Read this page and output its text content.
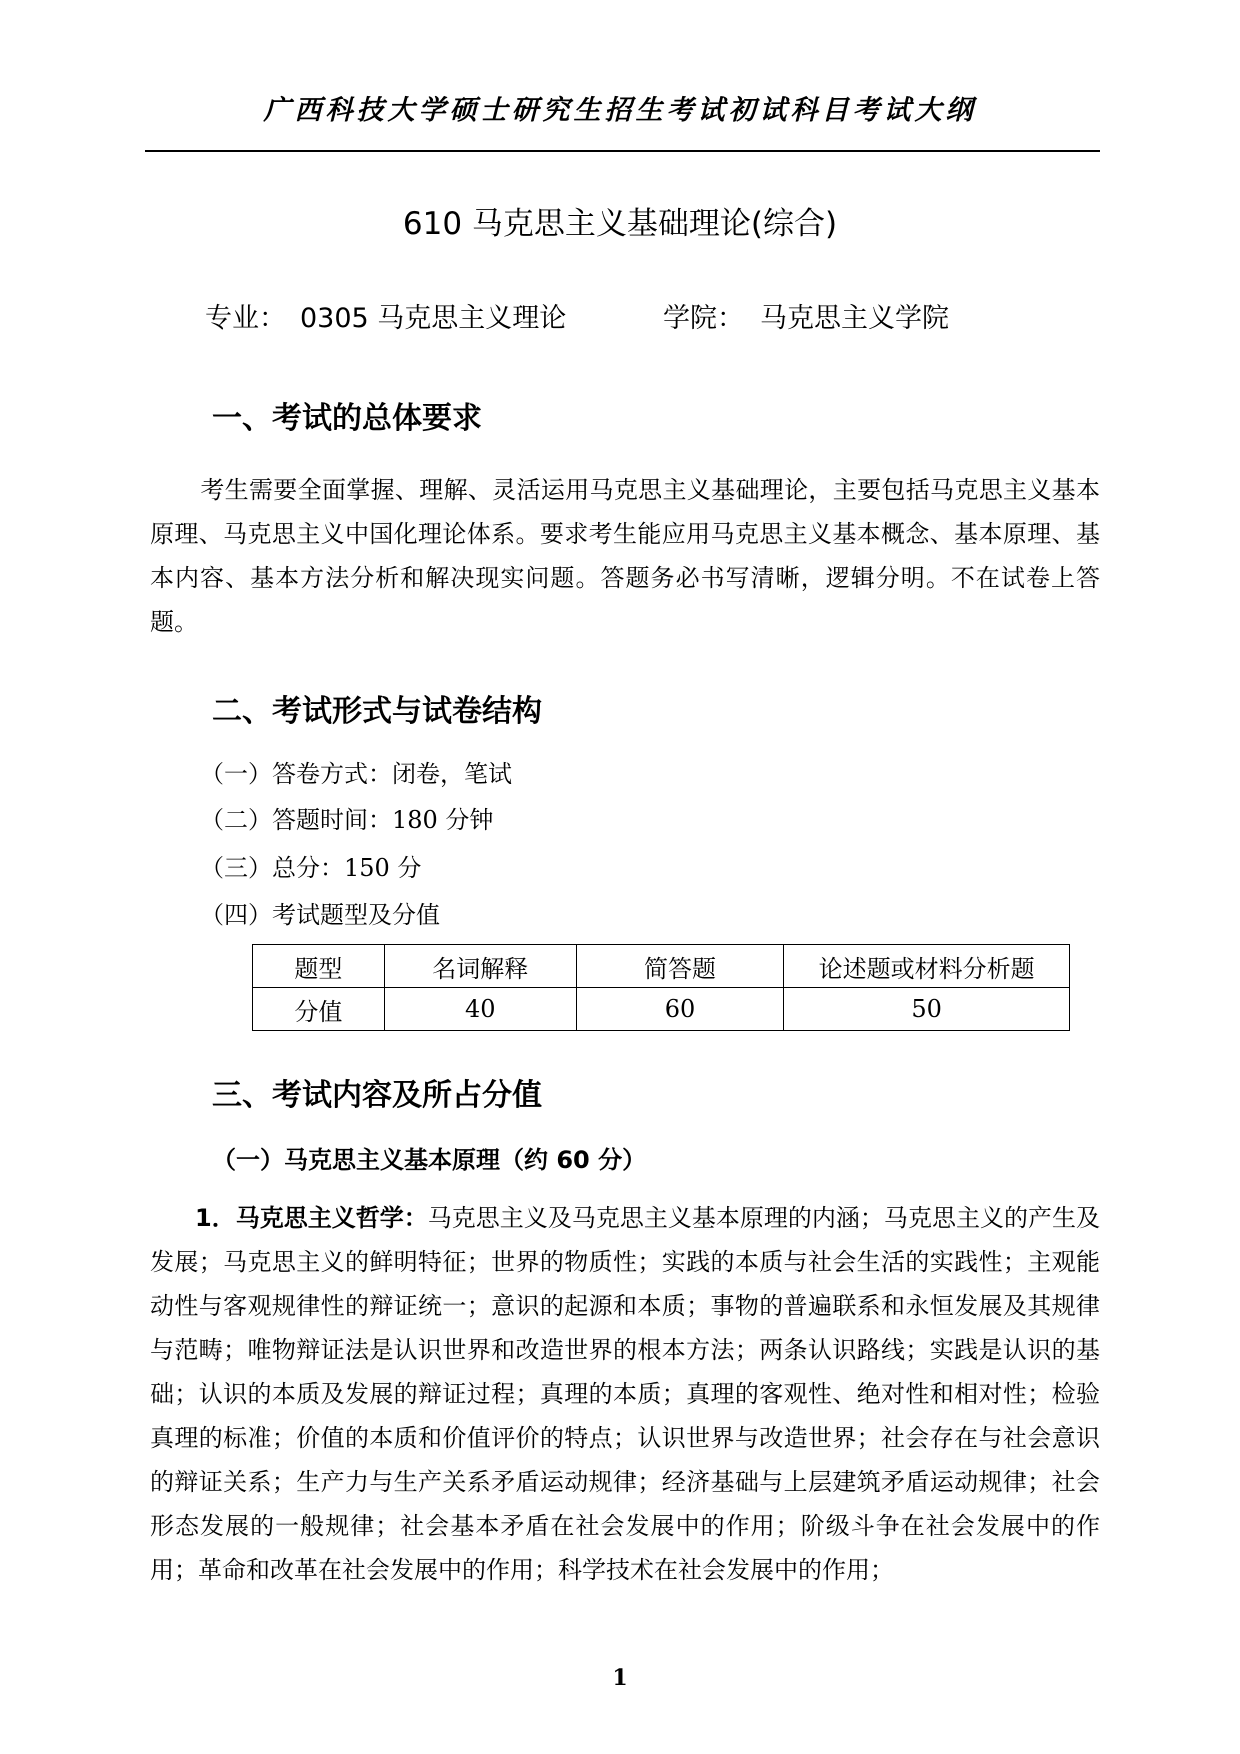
广西科技大学硕士研究生招生考试初试科目考试大纲
610 马克思主义基础理论(综合)
专业： 0305 马克思主义理论	学院： 马克思主义学院
一、考试的总体要求
考生需要全面掌握、理解、灵活运用马克思主义基础理论，主要包括马克思主义基本原理、马克思主义中国化理论体系。要求考生能应用马克思主义基本概念、基本原理、基本内容、基本方法分析和解决现实问题。答题务必书写清晰，逻辑分明。不在试卷上答题。
二、考试形式与试卷结构
（一）答卷方式：闭卷，笔试
（二）答题时间：180 分钟
（三）总分：150 分
（四）考试题型及分值
题型	名词解释	简答题	论述题或材料分析题
分值	40	60	50
三、考试内容及所占分值
（一）马克思主义基本原理（约 60 分）
1．马克思主义哲学：马克思主义及马克思主义基本原理的内涵；马克思主义的产生及发展；马克思主义的鲜明特征；世界的物质性；实践的本质与社会生活的实践性；主观能动性与客观规律性的辩证统一；意识的起源和本质；事物的普遍联系和永恒发展及其规律与范畴；唯物辩证法是认识世界和改造世界的根本方法；两条认识路线；实践是认识的基础；认识的本质及发展的辩证过程；真理的本质；真理的客观性、绝对性和相对性；检验真理的标准；价值的本质和价值评价的特点；认识世界与改造世界；社会存在与社会意识的辩证关系；生产力与生产关系矛盾运动规律；经济基础与上层建筑矛盾运动规律；社会形态发展的一般规律；社会基本矛盾在社会发展中的作用；阶级斗争在社会发展中的作用；革命和改革在社会发展中的作用；科学技术在社会发展中的作用；
1
